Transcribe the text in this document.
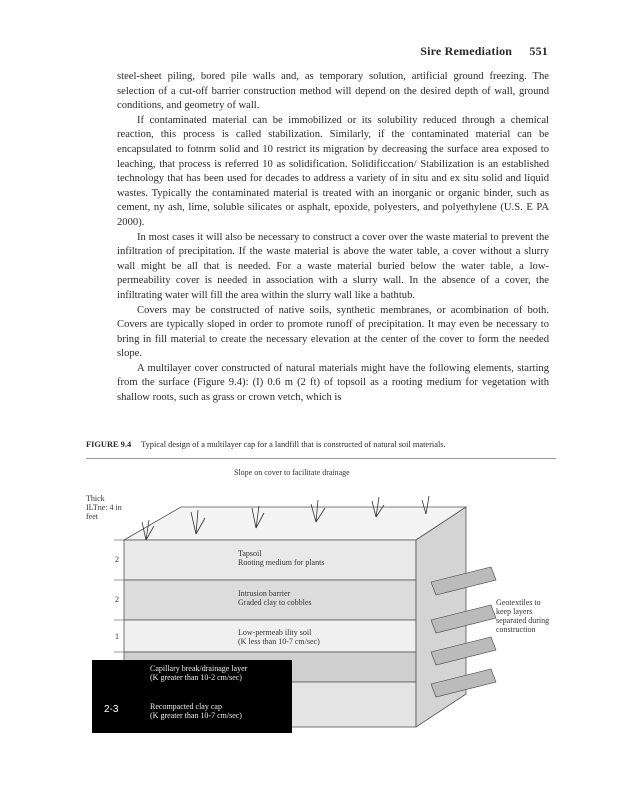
Sire Remediation 551

steel-sheet piling, bored pile walls and, as temporary solution, artificial ground freezing. The selection of a cut-off barrier construction method will depend on the desired depth of wall, ground conditions, and geometry of wall.

If contaminated material can be immobilized or its solubility reduced through a chemical reaction, this process is called stabilization. Similarly, if the contaminated material can be encapsulated to fotnrm solid and 10 restrict its migration by decreasing the surface area exposed to leaching, that process is referred 10 as solidification. Solidificcation/ Stabilization is an established technology that has been used for decades to address a variety of in situ and ex situ solid and liquid wastes. Typically the contaminated material is treated with an inorganic or organic binder, such as cement, ny ash, lime, soluble silicates or asphalt, epoxide, polyesters, and polyethylene (U.S. E PA 2000).

In most cases it will also be necessary to construct a cover over the waste material to prevent the infiltration of precipitation. If the waste material is above the water table, a cover without a slurry wall might be all that is needed. For a waste material buried below the water table, a low-permeability cover is needed in association with a slurry wall. In the absence of a cover, the infiltrating water will fill the area within the slurry wall like a bathtub.

Covers may be constructed of native soils, synthetic membranes, or acombination of both. Covers are typically sloped in order to promote runoff of precipitation. It may even be necessary to bring in fill material to create the necessary elevation at the center of the cover to form the needed slope.

A multilayer cover constructed of natural materials might have the following elements, starting from the surface (Figure 9.4): (I) 0.6 m (2 ft) of topsoil as a rooting medium for vegetation with shallow roots, such as grass or crown vetch, which is

FIGURE 9.4 Typical design of a multilayer cap for a landfill that is constructed of natural soil materials.
Slope on cover to facilitate drainage
Thick ILTne: 4 in feet
Geotextiles to keep layers separated during construction
2
2
1
Tapsoil
Rooting medium for plants
Intrusion barrier
Graded clay to cobbles
Low-permeab ility soil
(K less than 10-7 cm/sec)
Capillary break/drainage layer
(K greater than 10-2 cm/sec)
Recompacted clay cap
(K greater than 10-7 cm/sec)
2-3
